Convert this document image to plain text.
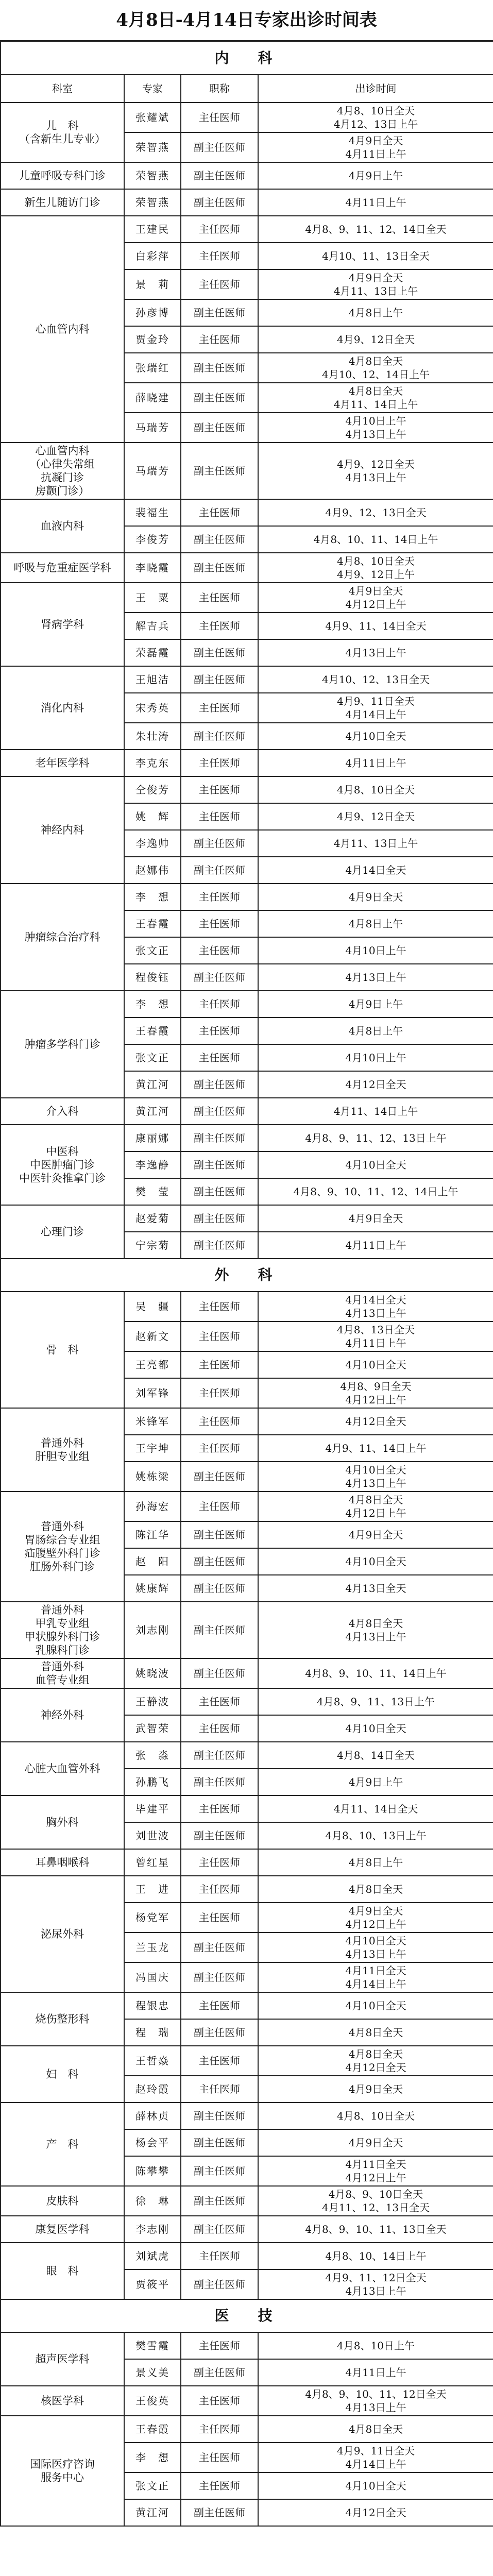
4月8日-4月14日专家出诊时间表
内　科			
科室	专家	职称	出诊时间
儿　科
（含新生儿专业）	张耀斌	主任医师	4月8、10日全天
4月12、13日上午
	荣智燕	副主任医师	4月9日全天
4月11日上午
儿童呼吸专科门诊	荣智燕	副主任医师	4月9日上午
新生儿随访门诊	荣智燕	副主任医师	4月11日上午
心血管内科	王建民	主任医师	4月8、9、11、12、14日全天
	白彩萍	主任医师	4月10、11、13日全天
	景　莉	主任医师	4月9日全天
4月11、13日上午
	孙彦博	副主任医师	4月8日上午
	贾金玲	主任医师	4月9、12日全天
	张瑞红	副主任医师	4月8日全天
4月10、12、14日上午
	薛晓建	副主任医师	4月8日全天
4月11、14日上午
	马瑞芳	副主任医师	4月10日上午
4月13日上午
心血管内科
（心律失常组
抗凝门诊
房颤门诊）	马瑞芳	副主任医师	4月9、12日全天
4月13日上午
血液内科	裴福生	主任医师	4月9、12、13日全天
	李俊芳	副主任医师	4月8、10、11、14日上午
呼吸与危重症医学科	李晓霞	副主任医师	4月8、10日全天
4月9、12日上午
肾病学科	王　粟	主任医师	4月9日全天
4月12日上午
	解吉兵	主任医师	4月9、11、14日全天
	荣磊霞	副主任医师	4月13日上午
消化内科	王旭洁	副主任医师	4月10、12、13日全天
	宋秀英	主任医师	4月9、11日全天
4月14日上午
	朱壮涛	副主任医师	4月10日全天
老年医学科	李克东	主任医师	4月11日上午
神经内科	仝俊芳	主任医师	4月8、10日全天
	姚　辉	主任医师	4月9、12日全天
	李逸帅	副主任医师	4月11、13日上午
	赵娜伟	副主任医师	4月14日全天
肿瘤综合治疗科	李　想	主任医师	4月9日全天
	王春霞	主任医师	4月8日上午
	张文正	主任医师	4月10日上午
	程俊钰	副主任医师	4月13日上午
肿瘤多学科门诊	李　想	主任医师	4月9日上午
	王春霞	主任医师	4月8日上午
	张文正	主任医师	4月10日上午
	黄江河	副主任医师	4月12日全天
介入科	黄江河	副主任医师	4月11、14日上午
中医科
中医肿瘤门诊
中医针灸推拿门诊	康丽娜	副主任医师	4月8、9、11、12、13日上午
	李逸静	副主任医师	4月10日全天
	樊　莹	副主任医师	4月8、9、10、11、12、14日上午
心理门诊	赵爱菊	副主任医师	4月9日全天
	宁宗菊	副主任医师	4月11日上午
外　科			
骨　科	吴　疆	主任医师	4月14日全天
4月13日上午
	赵新文	主任医师	4月8、13日全天
4月11日上午
	王亮都	主任医师	4月10日全天
	刘军锋	主任医师	4月8、9日全天
4月12日上午
普通外科
肝胆专业组	米锋军	主任医师	4月12日全天
	王宇坤	主任医师	4月9、11、14日上午
	姚栋梁	副主任医师	4月10日全天
4月13日上午
普通外科
胃肠综合专业组
疝腹壁外科门诊
肛肠外科门诊	孙海宏	主任医师	4月8日全天
4月12日上午
	陈江华	副主任医师	4月9日全天
	赵　阳	副主任医师	4月10日全天
	姚康辉	副主任医师	4月13日全天
普通外科
甲乳专业组
甲状腺外科门诊
乳腺科门诊	刘志刚	副主任医师	4月8日全天
4月13日上午
普通外科
血管专业组	姚晓波	副主任医师	4月8、9、10、11、14日上午
神经外科	王静波	主任医师	4月8、9、11、13日上午
	武智荣	主任医师	4月10日全天
心脏大血管外科	张　淼	副主任医师	4月8、14日全天
	孙鹏飞	副主任医师	4月9日上午
胸外科	毕建平	主任医师	4月11、14日全天
	刘世波	副主任医师	4月8、10、13日上午
耳鼻咽喉科	曾红星	主任医师	4月8日上午
泌尿外科	王　进	主任医师	4月8日全天
	杨党军	主任医师	4月9日全天
4月12日上午
	兰玉龙	副主任医师	4月10日全天
4月13日上午
	冯国庆	副主任医师	4月11日全天
4月14日上午
烧伤整形科	程银忠	主任医师	4月10日全天
	程　瑞	副主任医师	4月8日全天
妇　科	王哲焱	主任医师	4月8日全天
4月12日全天
	赵玲霞	主任医师	4月9日全天
产　科	薛林贞	副主任医师	4月8、10日全天
	杨会平	副主任医师	4月9日全天
	陈攀攀	副主任医师	4月11日全天
4月12日上午
皮肤科	徐　琳	副主任医师	4月8、9、10日全天
4月11、12、13日全天
康复医学科	李志刚	副主任医师	4月8、9、10、11、13日全天
眼　科	刘斌虎	主任医师	4月8、10、14日上午
	贾筱平	副主任医师	4月9、11、12日全天
4月13日上午
医　技			
超声医学科	樊雪霞	主任医师	4月8、10日上午
	景义美	副主任医师	4月11日上午
核医学科	王俊英	主任医师	4月8、9、10、11、12日全天
4月13日上午
国际医疗咨询
服务中心	王春霞	主任医师	4月8日全天
	李　想	主任医师	4月9、11日全天
4月14日上午
	张文正	主任医师	4月10日全天
	黄江河	副主任医师	4月12日全天
